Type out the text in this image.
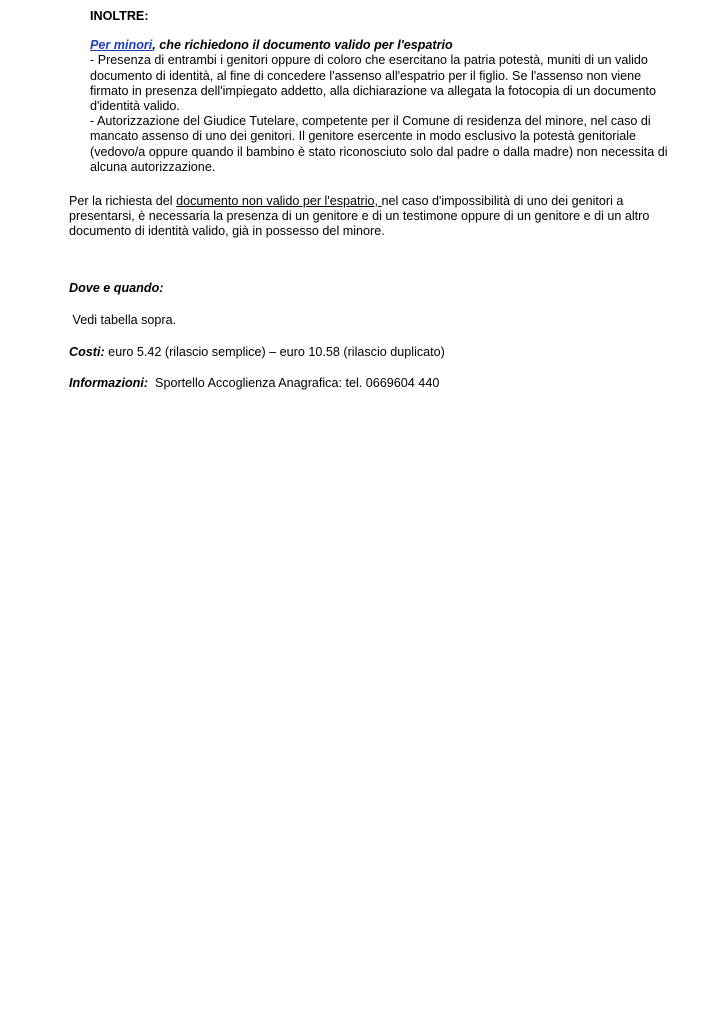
INOLTRE:
Per minori, che richiedono il documento valido per l'espatrio
- Presenza di entrambi i genitori oppure di coloro che esercitano la patria potestà, muniti di un valido
documento di identità, al fine di concedere l'assenso all'espatrio per il figlio. Se l'assenso non viene
firmato in presenza dell'impiegato addetto, alla dichiarazione va allegata la fotocopia di un documento
d'identità valido.
- Autorizzazione del Giudice Tutelare, competente per il Comune di residenza del minore, nel caso di
mancato assenso di uno dei genitori. Il genitore esercente in modo esclusivo la potestà genitoriale
(vedovo/a oppure quando il bambino è stato riconosciuto solo dal padre o dalla madre) non necessita di
alcuna autorizzazione.
Per la richiesta del documento non valido per l'espatrio, nel caso d'impossibilità di uno dei genitori a
presentarsi, è necessaria la presenza di un genitore e di un testimone oppure di un genitore e di un altro
documento di identità valido, già in possesso del minore.
Dove e quando:
Vedi tabella sopra.
Costi: euro 5.42 (rilascio semplice) – euro 10.58 (rilascio duplicato)
Informazioni:  Sportello Accoglienza Anagrafica: tel. 0669604 440
